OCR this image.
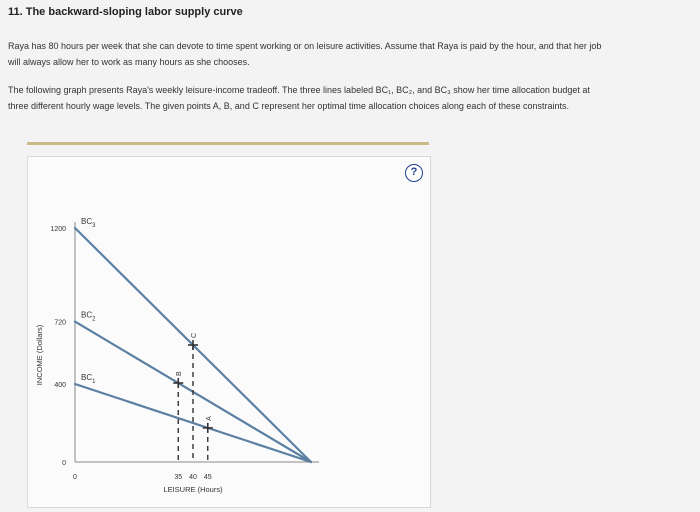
11. The backward-sloping labor supply curve
Raya has 80 hours per week that she can devote to time spent working or on leisure activities. Assume that Raya is paid by the hour, and that her job
will always allow her to work as many hours as she chooses.
The following graph presents Raya's weekly leisure-income tradeoff. The three lines labeled BC₁, BC₂, and BC₃ show her time allocation budget at
three different hourly wage levels. The given points A, B, and C represent her optimal time allocation choices along each of these constraints.
?
A
B
C
1200
720
400
0
0	35 40 45
LEISURE (Hours)
INCOME (Dollars)	$BC_1$
$BC_2$
$BC_3$
